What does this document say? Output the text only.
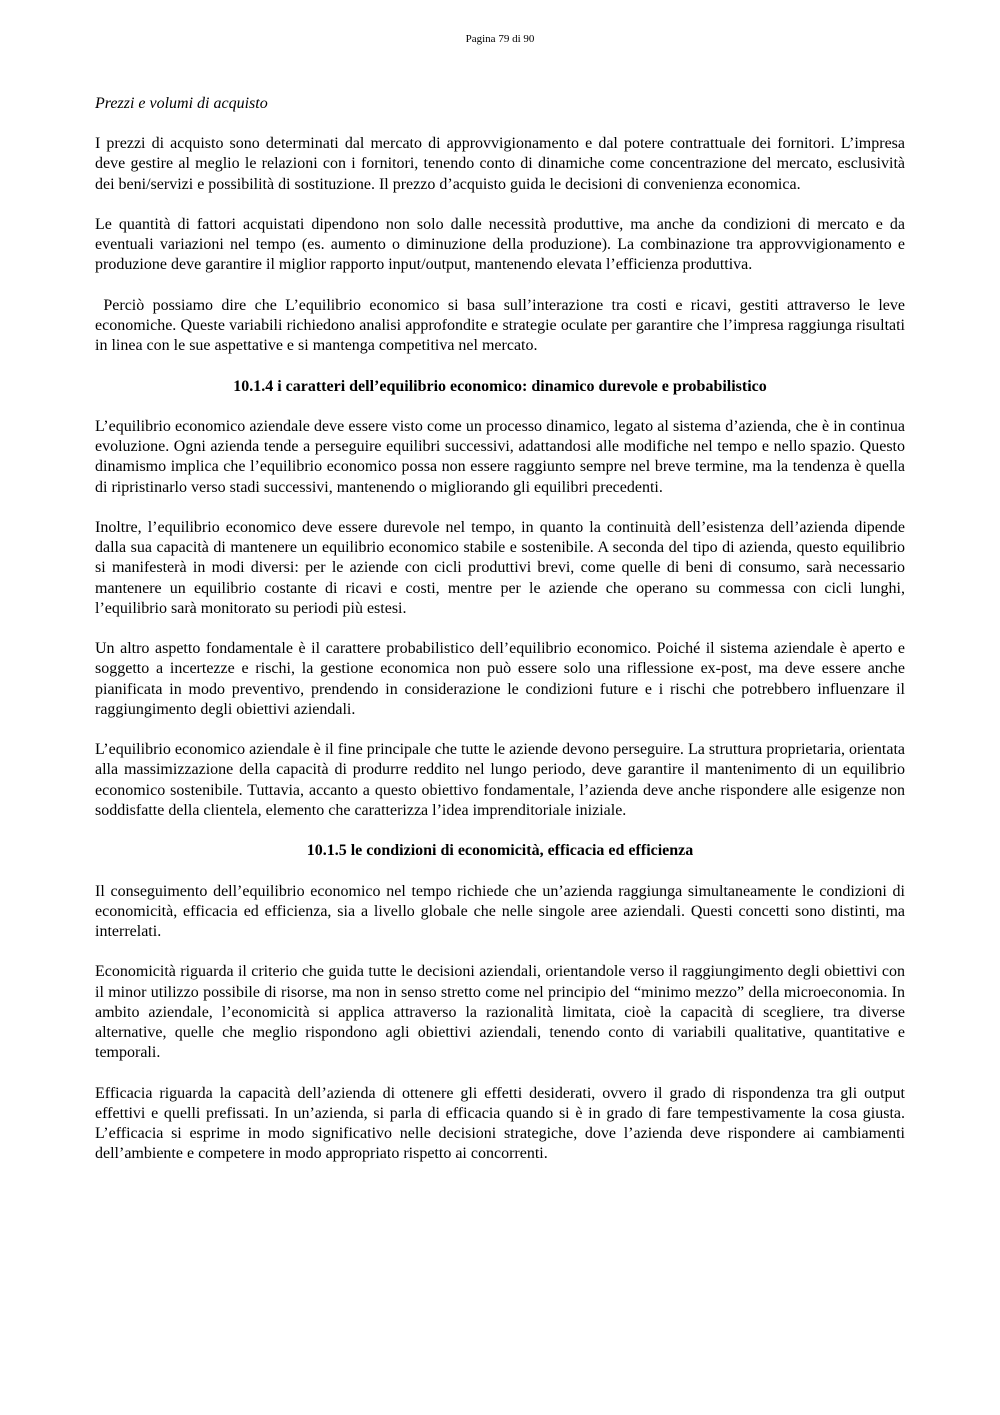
Pagina 79 di 90
Prezzi e volumi di acquisto

I prezzi di acquisto sono determinati dal mercato di approvvigionamento e dal potere contrattuale dei fornitori. L’impresa deve gestire al meglio le relazioni con i fornitori, tenendo conto di dinamiche come concentrazione del mercato, esclusività dei beni/servizi e possibilità di sostituzione. Il prezzo d’acquisto guida le decisioni di convenienza economica.

Le quantità di fattori acquistati dipendono non solo dalle necessità produttive, ma anche da condizioni di mercato e da eventuali variazioni nel tempo (es. aumento o diminuzione della produzione). La combinazione tra approvvigionamento e produzione deve garantire il miglior rapporto input/output, mantenendo elevata l’efficienza produttiva.

Perciò possiamo dire che L’equilibrio economico si basa sull’interazione tra costi e ricavi, gestiti attraverso le leve economiche. Queste variabili richiedono analisi approfondite e strategie oculate per garantire che l’impresa raggiunga risultati in linea con le sue aspettative e si mantenga competitiva nel mercato.

10.1.4 i caratteri dell’equilibrio economico: dinamico durevole e probabilistico

L’equilibrio economico aziendale deve essere visto come un processo dinamico, legato al sistema d’azienda, che è in continua evoluzione. Ogni azienda tende a perseguire equilibri successivi, adattandosi alle modifiche nel tempo e nello spazio. Questo dinamismo implica che l’equilibrio economico possa non essere raggiunto sempre nel breve termine, ma la tendenza è quella di ripristinarlo verso stadi successivi, mantenendo o migliorando gli equilibri precedenti.

Inoltre, l’equilibrio economico deve essere durevole nel tempo, in quanto la continuità dell’esistenza dell’azienda dipende dalla sua capacità di mantenere un equilibrio economico stabile e sostenibile. A seconda del tipo di azienda, questo equilibrio si manifesterà in modi diversi: per le aziende con cicli produttivi brevi, come quelle di beni di consumo, sarà necessario mantenere un equilibrio costante di ricavi e costi, mentre per le aziende che operano su commessa con cicli lunghi, l’equilibrio sarà monitorato su periodi più estesi.

Un altro aspetto fondamentale è il carattere probabilistico dell’equilibrio economico. Poiché il sistema aziendale è aperto e soggetto a incertezze e rischi, la gestione economica non può essere solo una riflessione ex-post, ma deve essere anche pianificata in modo preventivo, prendendo in considerazione le condizioni future e i rischi che potrebbero influenzare il raggiungimento degli obiettivi aziendali.

L’equilibrio economico aziendale è il fine principale che tutte le aziende devono perseguire. La struttura proprietaria, orientata alla massimizzazione della capacità di produrre reddito nel lungo periodo, deve garantire il mantenimento di un equilibrio economico sostenibile. Tuttavia, accanto a questo obiettivo fondamentale, l’azienda deve anche rispondere alle esigenze non soddisfatte della clientela, elemento che caratterizza l’idea imprenditoriale iniziale.

10.1.5 le condizioni di economicità, efficacia ed efficienza

Il conseguimento dell’equilibrio economico nel tempo richiede che un’azienda raggiunga simultaneamente le condizioni di economicità, efficacia ed efficienza, sia a livello globale che nelle singole aree aziendali. Questi concetti sono distinti, ma interrelati.

Economicità riguarda il criterio che guida tutte le decisioni aziendali, orientandole verso il raggiungimento degli obiettivi con il minor utilizzo possibile di risorse, ma non in senso stretto come nel principio del “minimo mezzo” della microeconomia. In ambito aziendale, l’economicità si applica attraverso la razionalità limitata, cioè la capacità di scegliere, tra diverse alternative, quelle che meglio rispondono agli obiettivi aziendali, tenendo conto di variabili qualitative, quantitative e temporali.

Efficacia riguarda la capacità dell’azienda di ottenere gli effetti desiderati, ovvero il grado di rispondenza tra gli output effettivi e quelli prefissati. In un’azienda, si parla di efficacia quando si è in grado di fare tempestivamente la cosa giusta. L’efficacia si esprime in modo significativo nelle decisioni strategiche, dove l’azienda deve rispondere ai cambiamenti dell’ambiente e competere in modo appropriato rispetto ai concorrenti.
